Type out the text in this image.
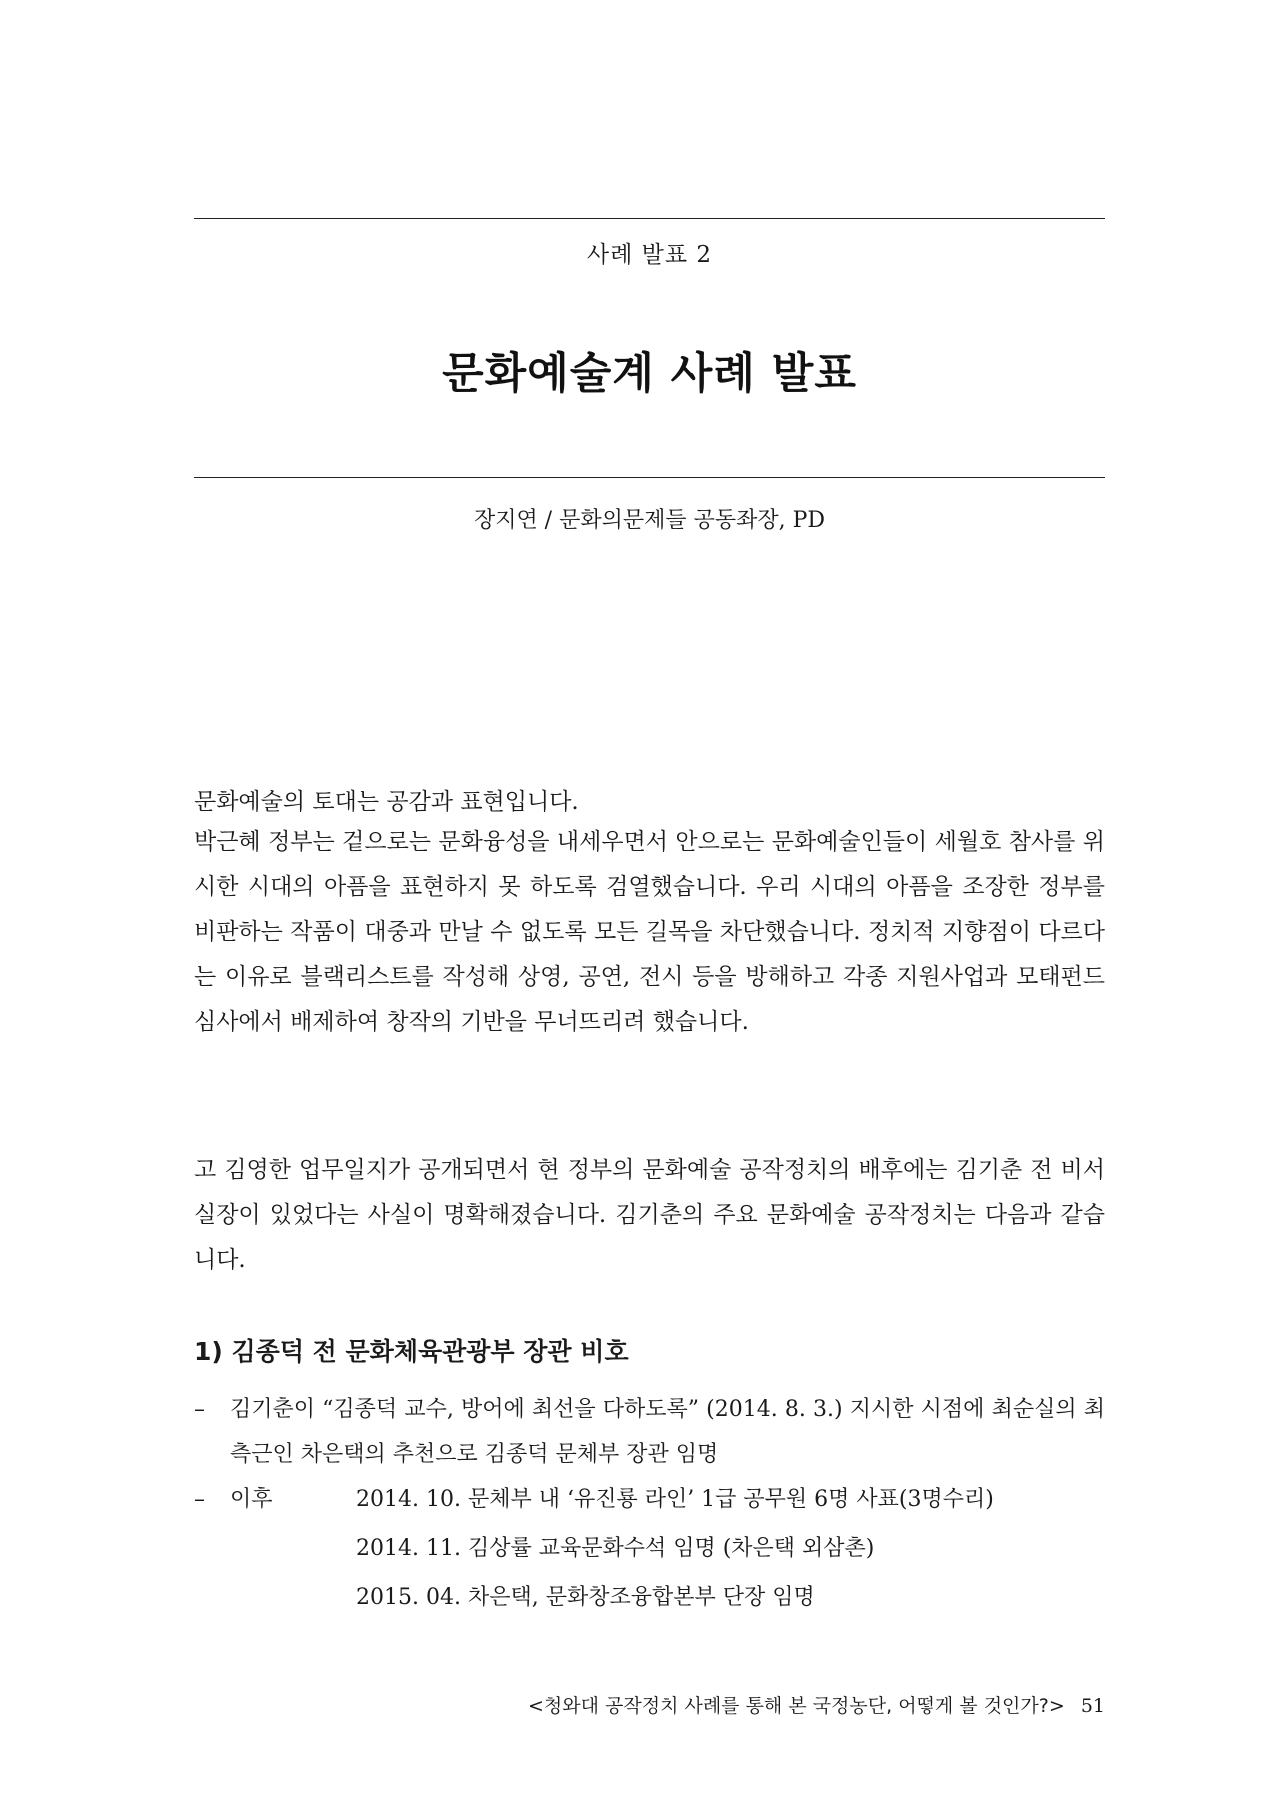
사례 발표 2
문화예술계 사례 발표
장지연 / 문화의문제들 공동좌장, PD
문화예술의 토대는 공감과 표현입니다.
박근혜 정부는 겉으로는 문화융성을 내세우면서 안으로는 문화예술인들이 세월호 참사를 위시한 시대의 아픔을 표현하지 못 하도록 검열했습니다. 우리 시대의 아픔을 조장한 정부를 비판하는 작품이 대중과 만날 수 없도록 모든 길목을 차단했습니다. 정치적 지향점이 다르다는 이유로 블랙리스트를 작성해 상영, 공연, 전시 등을 방해하고 각종 지원사업과 모태펀드 심사에서 배제하여 창작의 기반을 무너뜨리려 했습니다.
고 김영한 업무일지가 공개되면서 현 정부의 문화예술 공작정치의 배후에는 김기춘 전 비서실장이 있었다는 사실이 명확해졌습니다. 김기춘의 주요 문화예술 공작정치는 다음과 같습니다.
1) 김종덕 전 문화체육관광부 장관 비호
–	김기춘이 “김종덕 교수, 방어에 최선을 다하도록” (2014. 8. 3.) 지시한 시점에 최순실의 최측근인 차은택의 추천으로 김종덕 문체부 장관 임명
– 이후	2014. 10. 문체부 내 ‘유진룡 라인’ 1급 공무원 6명 사표(3명수리)
2014. 11. 김상률 교육문화수석 임명 (차은택 외삼촌)
2015. 04. 차은택, 문화창조융합본부 단장 임명
<청와대 공작정치 사례를 통해 본 국정농단, 어떻게 볼 것인가?> 51
